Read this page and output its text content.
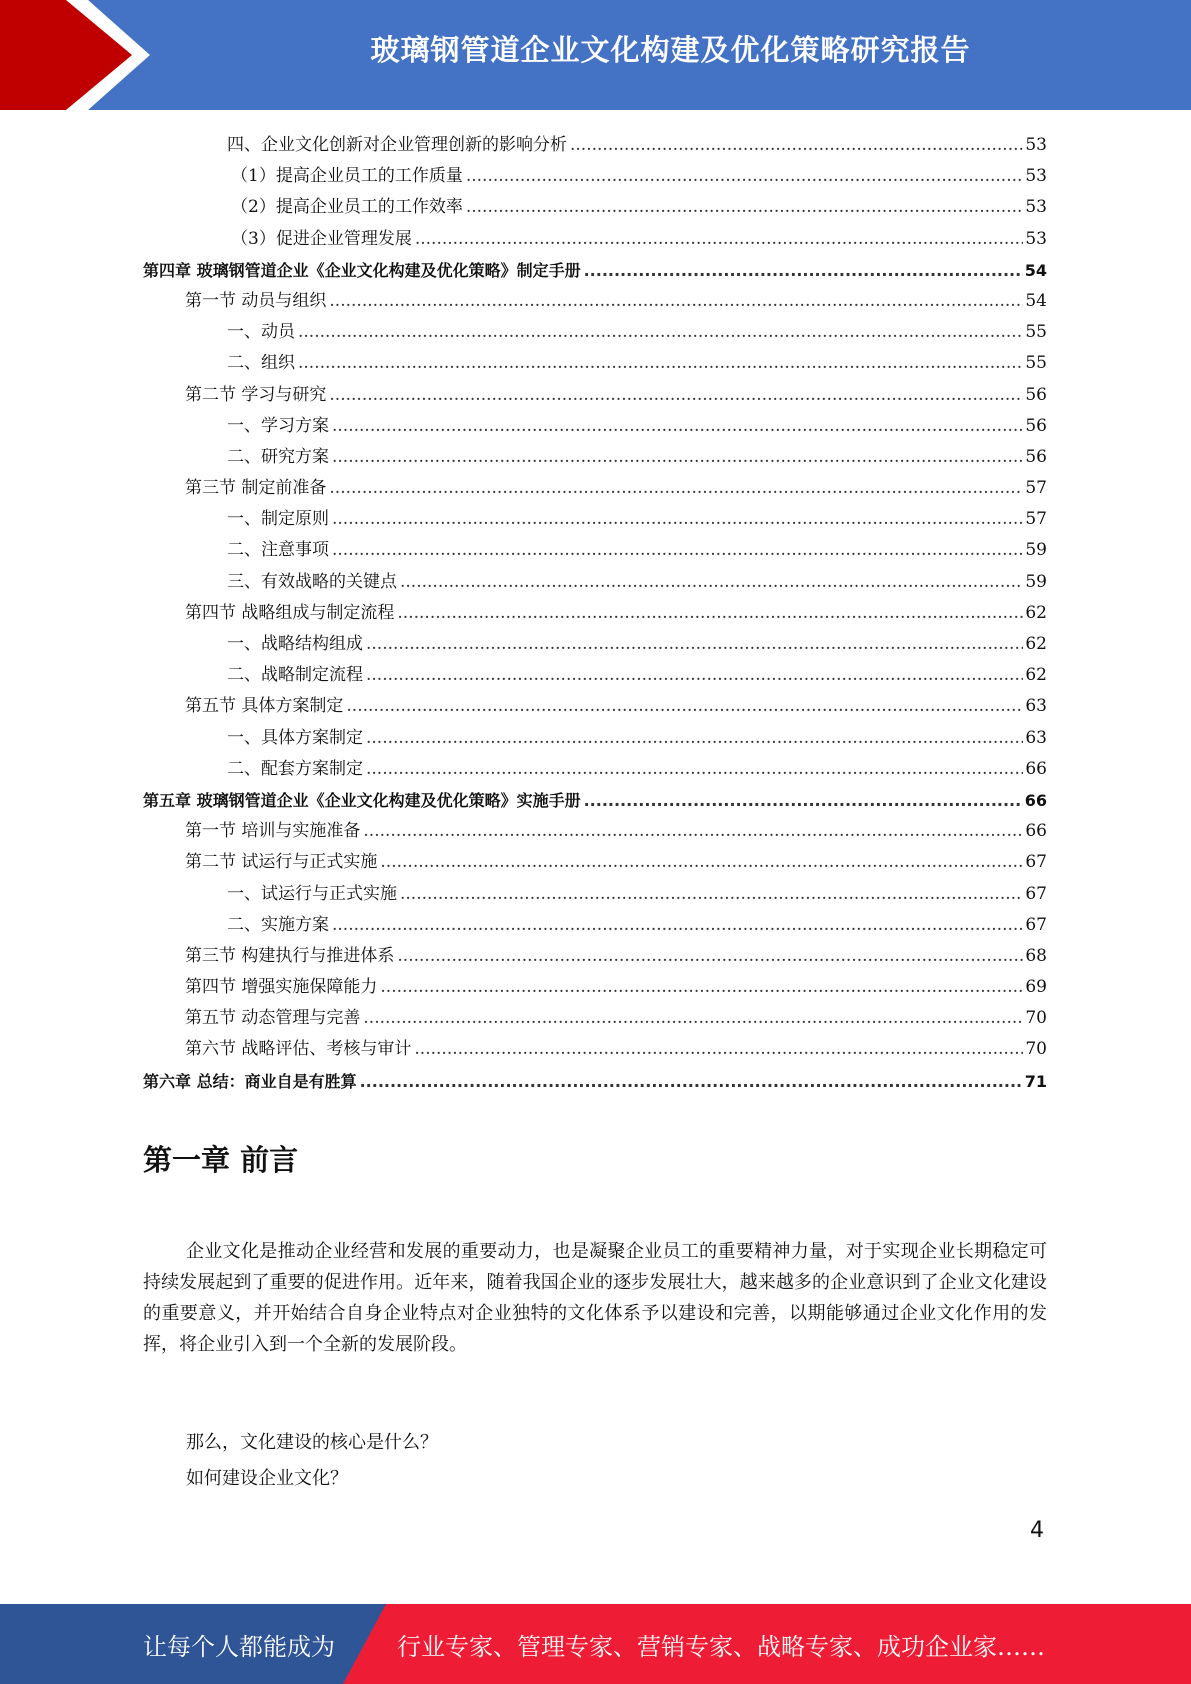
玻璃钢管道企业文化构建及优化策略研究报告
四、企业文化创新对企业管理创新的影响分析 .....	53
（1）提高企业员工的工作质量 .....	53
（2）提高企业员工的工作效率 .....	53
（3）促进企业管理发展 .....	53
第四章 玻璃钢管道企业《企业文化构建及优化策略》制定手册 .....	54
第一节 动员与组织 .....	54
一、动员 .....	55
二、组织 .....	55
第二节 学习与研究 .....	56
一、学习方案 .....	56
二、研究方案 .....	56
第三节 制定前准备 .....	57
一、制定原则 .....	57
二、注意事项 .....	59
三、有效战略的关键点 .....	59
第四节 战略组成与制定流程 .....	62
一、战略结构组成 .....	62
二、战略制定流程 .....	62
第五节 具体方案制定 .....	63
一、具体方案制定 .....	63
二、配套方案制定 .....	66
第五章 玻璃钢管道企业《企业文化构建及优化策略》实施手册 .....	66
第一节 培训与实施准备 .....	66
第二节 试运行与正式实施 .....	67
一、试运行与正式实施 .....	67
二、实施方案 .....	67
第三节 构建执行与推进体系 .....	68
第四节 增强实施保障能力 .....	69
第五节 动态管理与完善 .....	70
第六节 战略评估、考核与审计 .....	70
第六章 总结：商业自是有胜算 .....	71
第一章 前言
企业文化是推动企业经营和发展的重要动力，也是凝聚企业员工的重要精神力量，对于实现企业长期稳定可持续发展起到了重要的促进作用。近年来，随着我国企业的逐步发展壮大，越来越多的企业意识到了企业文化建设的重要意义，并开始结合自身企业特点对企业独特的文化体系予以建设和完善，以期能够通过企业文化作用的发挥，将企业引入到一个全新的发展阶段。
那么，文化建设的核心是什么？
如何建设企业文化？
4
让每个人都能成为	行业专家、管理专家、营销专家、战略专家、成功企业家……
